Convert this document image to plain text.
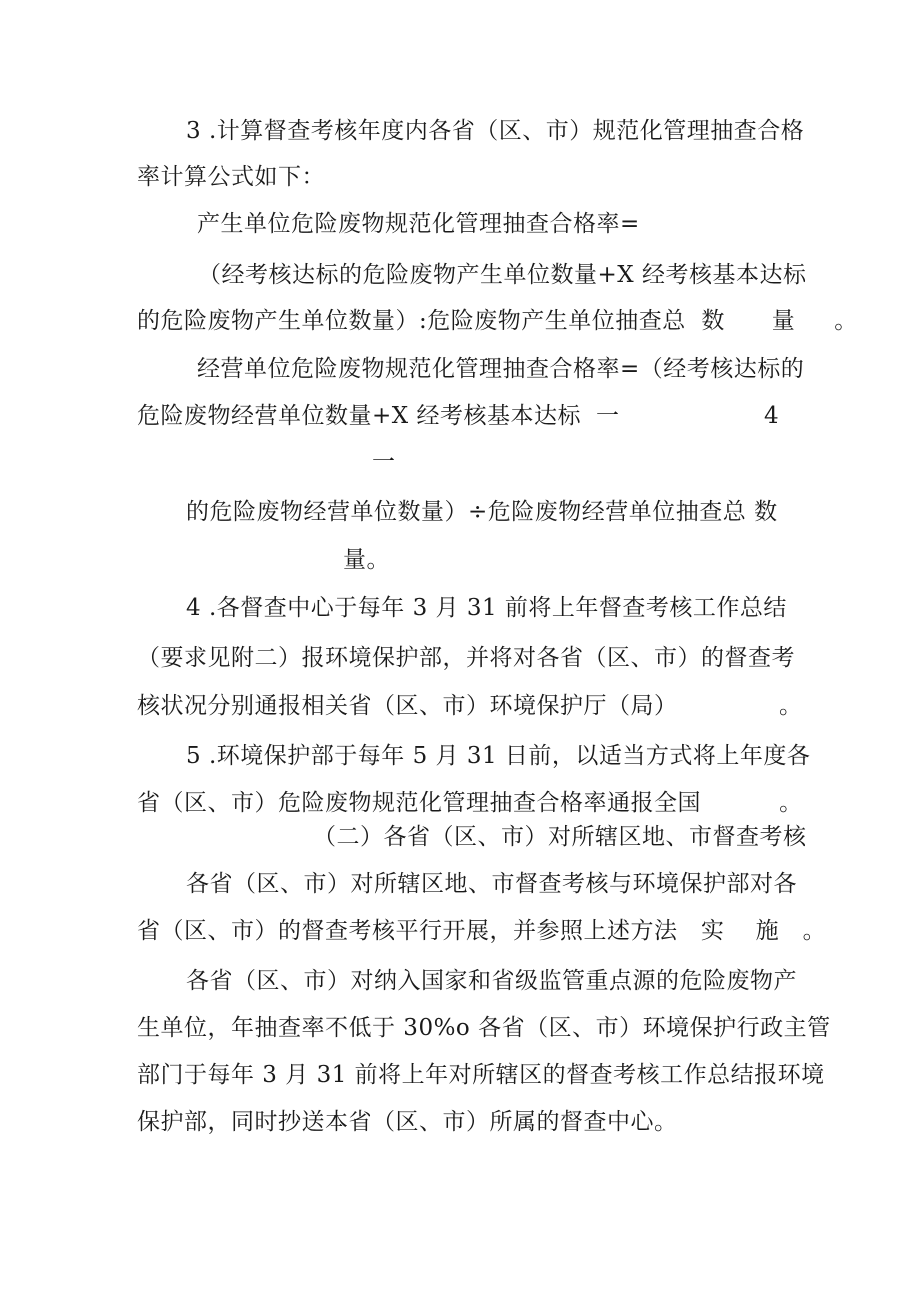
3 .计算督查考核年度内各省（区、市）规范化管理抽查合格
率计算公式如下：
产生单位危险废物规范化管理抽查合格率=
（经考核达标的危险废物产生单位数量+X 经考核基本达标
的危险废物产生单位数量）:危险废物产生单位抽查总  数      量     。
经营单位危险废物规范化管理抽查合格率=（经考核达标的
危险废物经营单位数量+X 经考核基本达标 一	4
一
的危险废物经营单位数量）÷危险废物经营单位抽查总 数
量。
4 .各督查中心于每年 3 月 31 前将上年督查考核工作总结
（要求见附二）报环境保护部，并将对各省（区、市）的督查考
核状况分别通报相关省（区、市）环境保护厅（局）             。
5 .环境保护部于每年 5 月 31 日前，以适当方式将上年度各
省（区、市）危险废物规范化管理抽查合格率通报全国          。
（二）各省（区、市）对所辖区地、市督查考核
各省（区、市）对所辖区地、市督查考核与环境保护部对各
省（区、市）的督查考核平行开展，并参照上述方法   实    施   。
各省（区、市）对纳入国家和省级监管重点源的危险废物产
生单位，年抽查率不低于 30%o 各省（区、市）环境保护行政主管
部门于每年 3 月 31 前将上年对所辖区的督查考核工作总结报环境
保护部，同时抄送本省（区、市）所属的督查中心。
